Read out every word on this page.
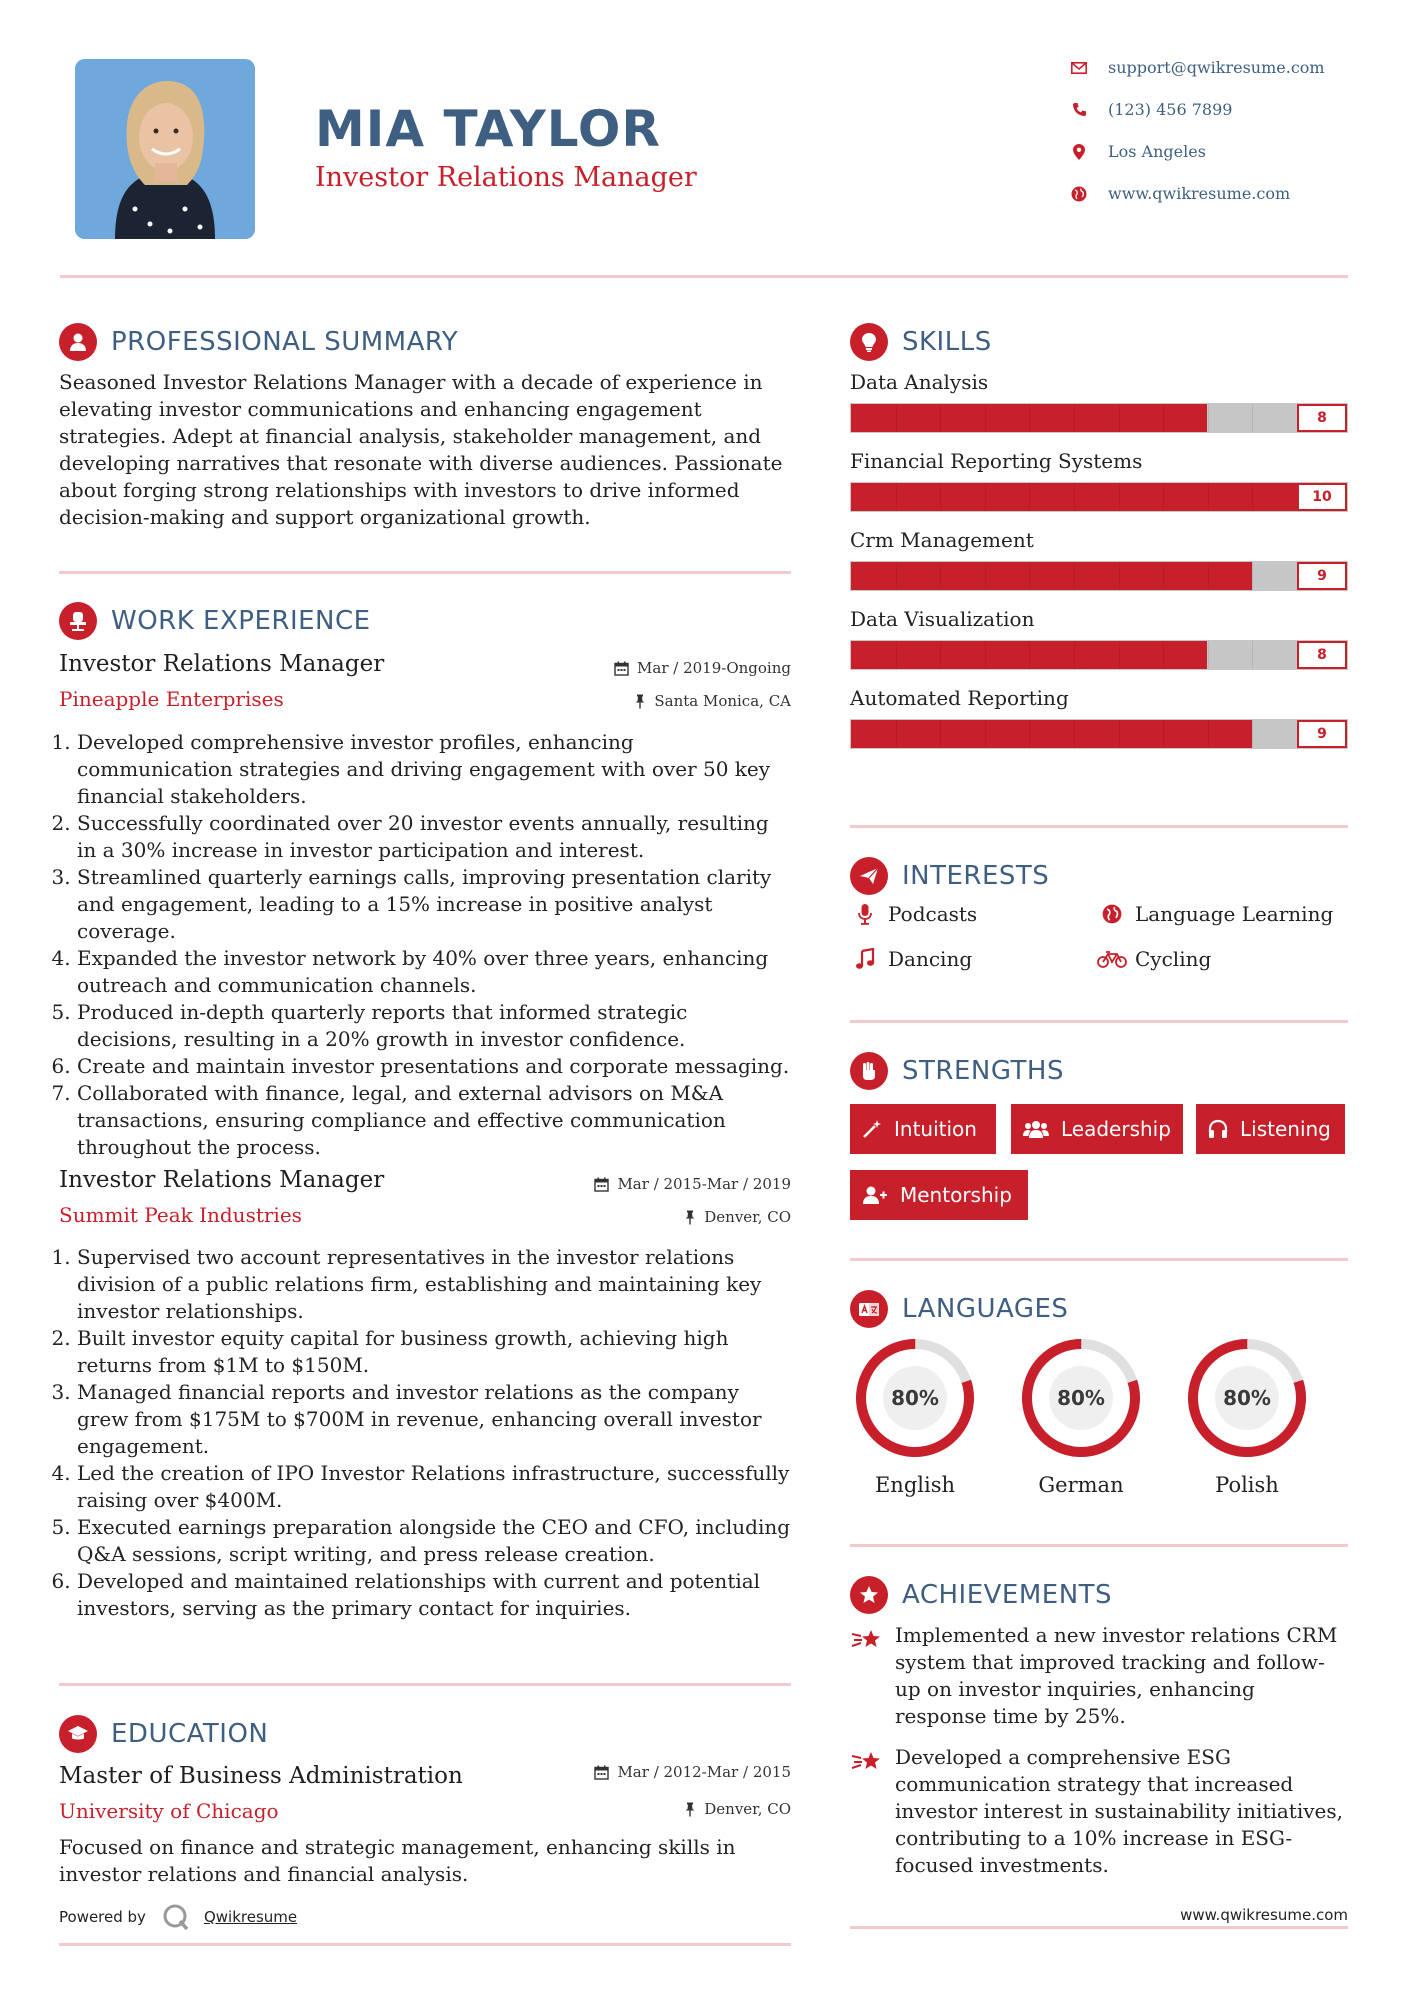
MIA TAYLOR
Investor Relations Manager
support@qwikresume.com
(123) 456 7899
Los Angeles
www.qwikresume.com
PROFESSIONAL SUMMARY
Seasoned Investor Relations Manager with a decade of experience in elevating investor communications and enhancing engagement strategies. Adept at financial analysis, stakeholder management, and developing narratives that resonate with diverse audiences. Passionate about forging strong relationships with investors to drive informed decision-making and support organizational growth.
WORK EXPERIENCE
Investor Relations Manager
Pineapple Enterprises
Mar / 2019-Ongoing
Santa Monica, CA
1. Developed comprehensive investor profiles, enhancing communication strategies and driving engagement with over 50 key financial stakeholders.
2. Successfully coordinated over 20 investor events annually, resulting in a 30% increase in investor participation and interest.
3. Streamlined quarterly earnings calls, improving presentation clarity and engagement, leading to a 15% increase in positive analyst coverage.
4. Expanded the investor network by 40% over three years, enhancing outreach and communication channels.
5. Produced in-depth quarterly reports that informed strategic decisions, resulting in a 20% growth in investor confidence.
6. Create and maintain investor presentations and corporate messaging.
7. Collaborated with finance, legal, and external advisors on M&A transactions, ensuring compliance and effective communication throughout the process.
Investor Relations Manager
Summit Peak Industries
Mar / 2015-Mar / 2019
Denver, CO
1. Supervised two account representatives in the investor relations division of a public relations firm, establishing and maintaining key investor relationships.
2. Built investor equity capital for business growth, achieving high returns from $1M to $150M.
3. Managed financial reports and investor relations as the company grew from $175M to $700M in revenue, enhancing overall investor engagement.
4. Led the creation of IPO Investor Relations infrastructure, successfully raising over $400M.
5. Executed earnings preparation alongside the CEO and CFO, including Q&A sessions, script writing, and press release creation.
6. Developed and maintained relationships with current and potential investors, serving as the primary contact for inquiries.
EDUCATION
Master of Business Administration
University of Chicago
Mar / 2012-Mar / 2015
Denver, CO
Focused on finance and strategic management, enhancing skills in investor relations and financial analysis.
Powered by	Qwikresume
SKILLS
Data Analysis
8
Financial Reporting Systems
10
Crm Management
9
Data Visualization
8
Automated Reporting
9
INTERESTS
Podcasts	Language Learning
Dancing	Cycling
STRENGTHS
Intuition	Leadership	Listening
Mentorship
LANGUAGES
80%
English
80%
German
80%
Polish
ACHIEVEMENTS
Implemented a new investor relations CRM system that improved tracking and follow-up on investor inquiries, enhancing response time by 25%.
Developed a comprehensive ESG communication strategy that increased investor interest in sustainability initiatives, contributing to a 10% increase in ESG-focused investments.
www.qwikresume.com
